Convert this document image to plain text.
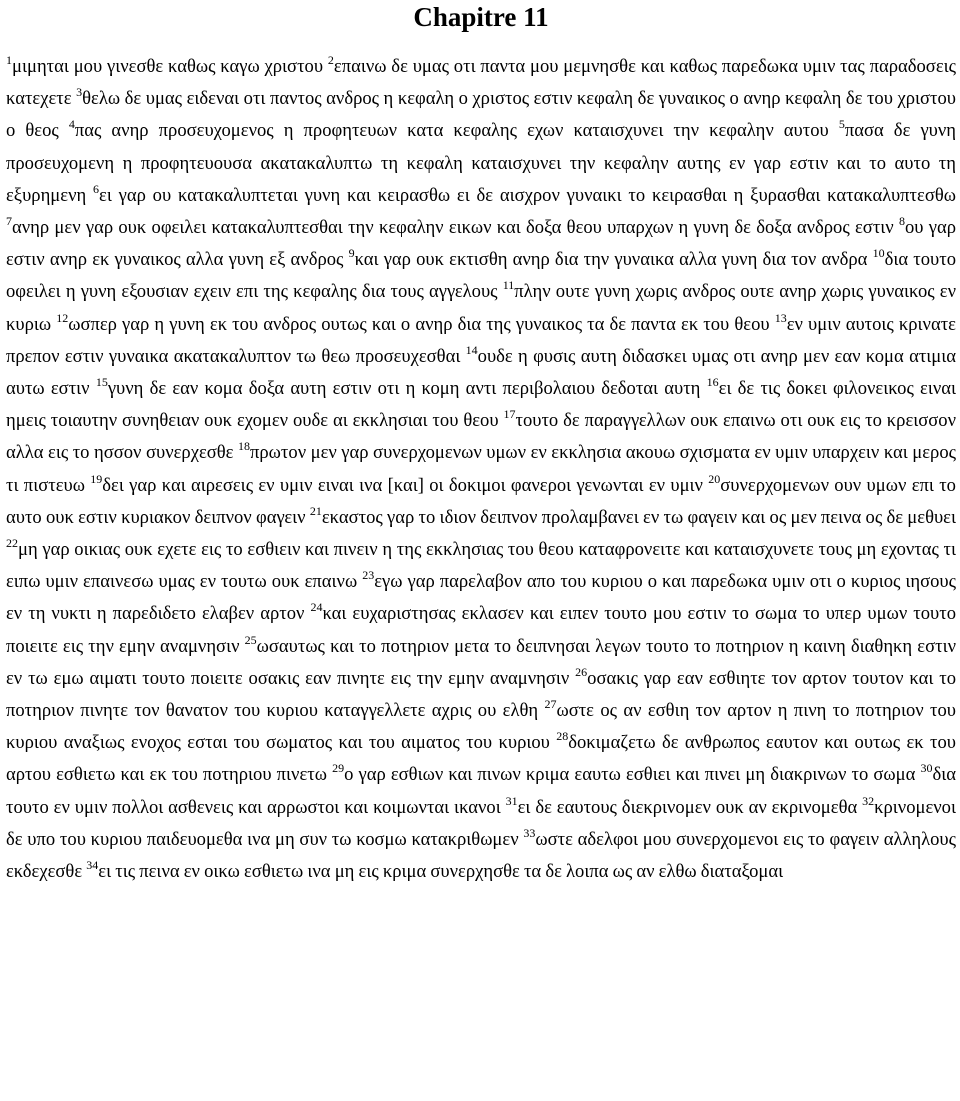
Chapitre 11

$^1$μιμηται μου γινεσθε καθως καγω χριστου $^2$επαινω δε υμας οτι παντα μου μεμνησθε και καθως παρεδωκα υμιν τας παραδοσεις κατεχετε $^3$θελω δε υμας ειδεναι οτι παντος ανδρος η κεφαλη ο χριστος εστιν κεφαλη δε γυναικος ο ανηρ κεφαλη δε του χριστου ο θεος $^4$πας ανηρ προσευχομενος η προφητευων κατα κεφαλης εχων καταισχυνει την κεφαλην αυτου $^5$πασα δε γυνη προσευχομενη η προφητευουσα ακατακαλυπτω τη κεφαλη καταισχυνει την κεφαλην αυτης εν γαρ εστιν και το αυτο τη εξυρημενη $^6$ει γαρ ου κατακαλυπτεται γυνη και κειρασθω ει δε αισχρον γυναικι το κειρασθαι η ξυρασθαι κατακαλυπτεσθω $^7$ανηρ μεν γαρ ουκ οφειλει κατακαλυπτεσθαι την κεφαλην εικων και δοξα θεου υπαρχων η γυνη δε δοξα ανδρος εστιν $^8$ου γαρ εστιν ανηρ εκ γυναικος αλλα γυνη εξ ανδρος $^9$και γαρ ουκ εκτισθη ανηρ δια την γυναικα αλλα γυνη δια τον ανδρα $^{10}$δια τουτο οφειλει η γυνη εξουσιαν εχειν επι της κεφαλης δια τους αγγελους $^{11}$πλην ουτε γυνη χωρις ανδρος ουτε ανηρ χωρις γυναικος εν κυριω $^{12}$ωσπερ γαρ η γυνη εκ του ανδρος ουτως και ο ανηρ δια της γυναικος τα δε παντα εκ του θεου $^{13}$εν υμιν αυτοις κρινατε πρεπον εστιν γυναικα ακατακαλυπτον τω θεω προσευχεσθαι $^{14}$ουδε η φυσις αυτη διδασκει υμας οτι ανηρ μεν εαν κομα ατιμια αυτω εστιν $^{15}$γυνη δε εαν κομα δοξα αυτη εστιν οτι η κομη αντι περιβολαιου δεδοται αυτη $^{16}$ει δε τις δοκει φιλονεικος ειναι ημεις τοιαυτην συνηθειαν ουκ εχομεν ουδε αι εκκλησιαι του θεου $^{17}$τουτο δε παραγγελλων ουκ επαινω οτι ουκ εις το κρεισσον αλλα εις το ησσον συνερχεσθε $^{18}$πρωτον μεν γαρ συνερχομενων υμων εν εκκλησια ακουω σχισματα εν υμιν υπαρχειν και μερος τι πιστευω $^{19}$δει γαρ και αιρεσεις εν υμιν ειναι ινα [και] οι δοκιμοι φανεροι γενωνται εν υμιν $^{20}$συνερχομενων ουν υμων επι το αυτο ουκ εστιν κυριακον δειπνον φαγειν $^{21}$εκαστος γαρ το ιδιον δειπνον προλαμβανει εν τω φαγειν και ος μεν πεινα ος δε μεθυει $^{22}$μη γαρ οικιας ουκ εχετε εις το εσθιειν και πινειν η της εκκλησιας του θεου καταφρονειτε και καταισχυνετε τους μη εχοντας τι ειπω υμιν επαινεσω υμας εν τουτω ουκ επαινω $^{23}$εγω γαρ παρελαβον απο του κυριου ο και παρεδωκα υμιν οτι ο κυριος ιησους εν τη νυκτι η παρεδιδετο ελαβεν αρτον $^{24}$και ευχαριστησας εκλασεν και ειπεν τουτο μου εστιν το σωμα το υπερ υμων τουτο ποιειτε εις την εμην αναμνησιν $^{25}$ωσαυτως και το ποτηριον μετα το δειπνησαι λεγων τουτο το ποτηριον η καινη διαθηκη εστιν εν τω εμω αιματι τουτο ποιειτε οσακις εαν πινητε εις την εμην αναμνησιν $^{26}$οσακις γαρ εαν εσθιητε τον αρτον τουτον και το ποτηριον πινητε τον θανατον του κυριου καταγγελλετε αχρις ου ελθη $^{27}$ωστε ος αν εσθιη τον αρτον η πινη το ποτηριον του κυριου αναξιως ενοχος εσται του σωματος και του αιματος του κυριου $^{28}$δοκιμαζετω δε ανθρωπος εαυτον και ουτως εκ του αρτου εσθιετω και εκ του ποτηριου πινετω $^{29}$ο γαρ εσθιων και πινων κριμα εαυτω εσθιει και πινει μη διακρινων το σωμα $^{30}$δια τουτο εν υμιν πολλοι ασθενεις και αρρωστοι και κοιμωνται ικανοι $^{31}$ει δε εαυτους διεκρινομεν ουκ αν εκρινομεθα $^{32}$κρινομενοι δε υπο του κυριου παιδευομεθα ινα μη συν τω κοσμω κατακριθωμεν $^{33}$ωστε αδελφοι μου συνερχομενοι εις το φαγειν αλληλους εκδεχεσθε $^{34}$ει τις πεινα εν οικω εσθιετω ινα μη εις κριμα συνερχησθε τα δε λοιπα ως αν ελθω διαταξομαι
